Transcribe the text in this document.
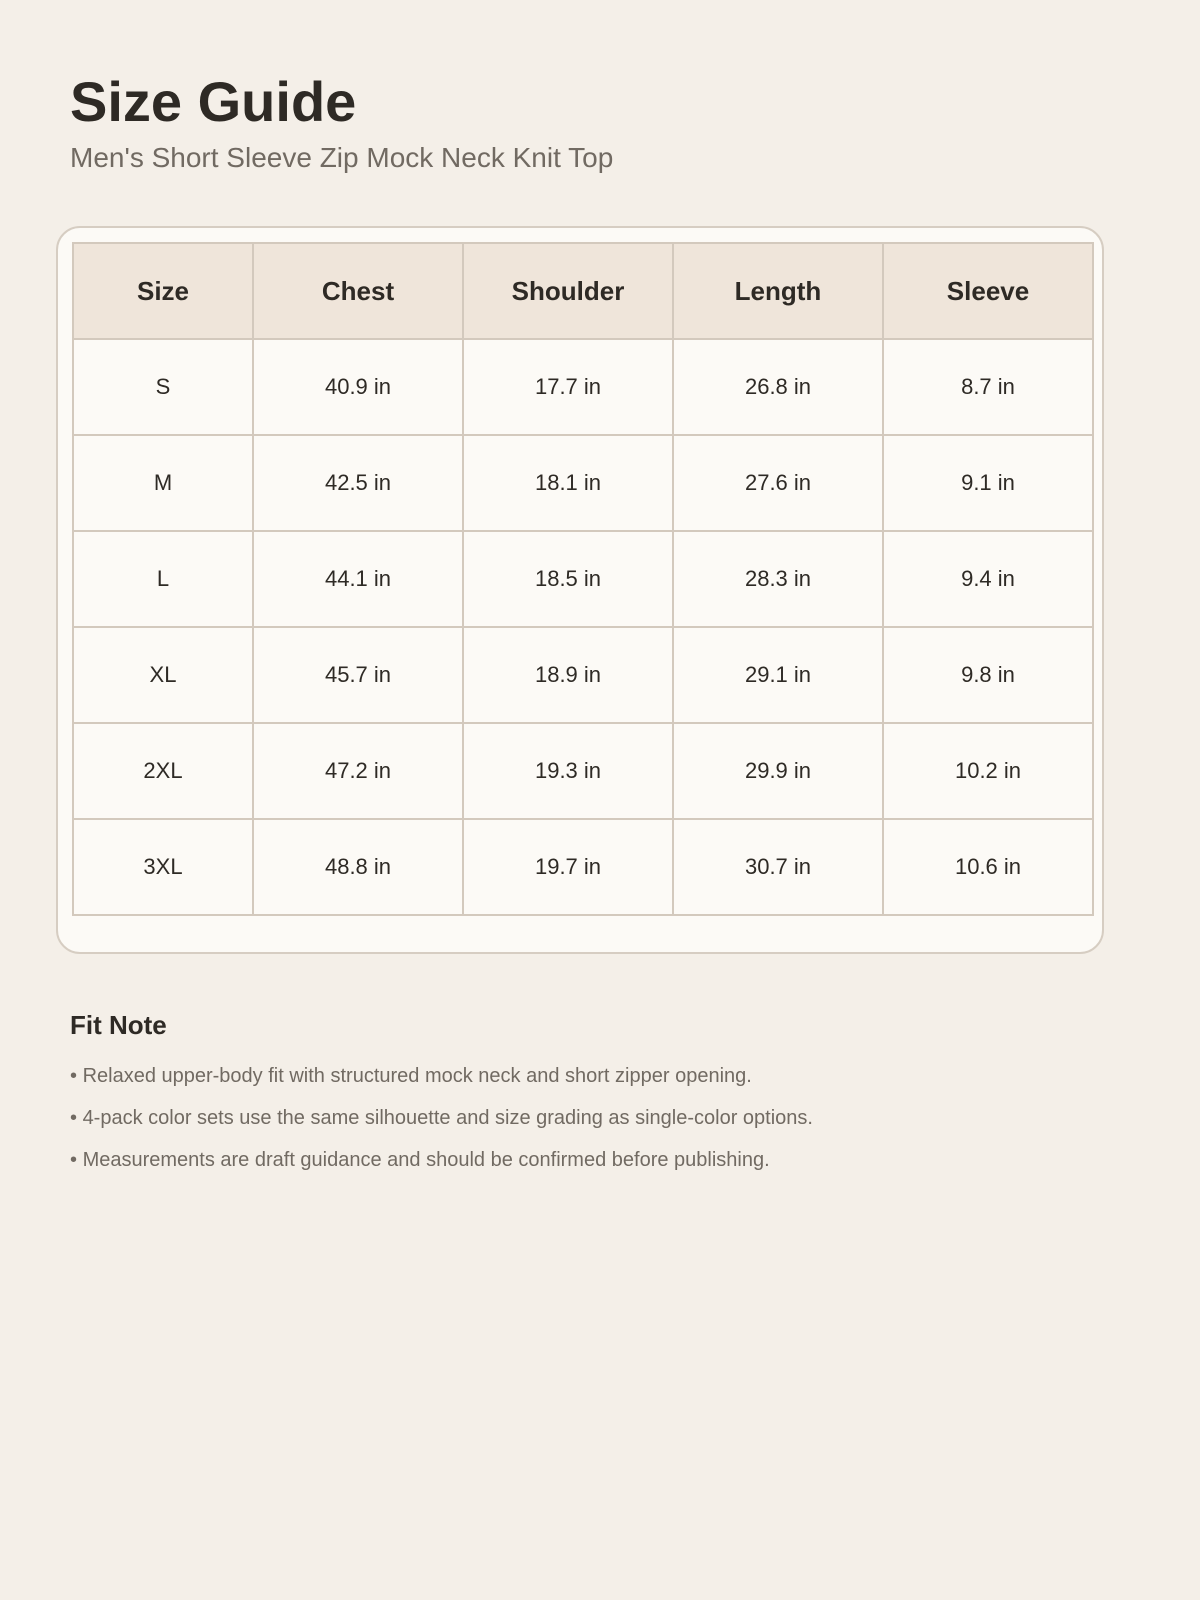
Size Guide

Men's Short Sleeve Zip Mock Neck Knit Top

Size	Chest	Shoulder	Length	Sleeve
S	40.9 in	17.7 in	26.8 in	8.7 in
M	42.5 in	18.1 in	27.6 in	9.1 in
L	44.1 in	18.5 in	28.3 in	9.4 in
XL	45.7 in	18.9 in	29.1 in	9.8 in
2XL	47.2 in	19.3 in	29.9 in	10.2 in
3XL	48.8 in	19.7 in	30.7 in	10.6 in
Fit Note
• Relaxed upper-body fit with structured mock neck and short zipper opening.
• 4-pack color sets use the same silhouette and size grading as single-color options.
• Measurements are draft guidance and should be confirmed before publishing.
